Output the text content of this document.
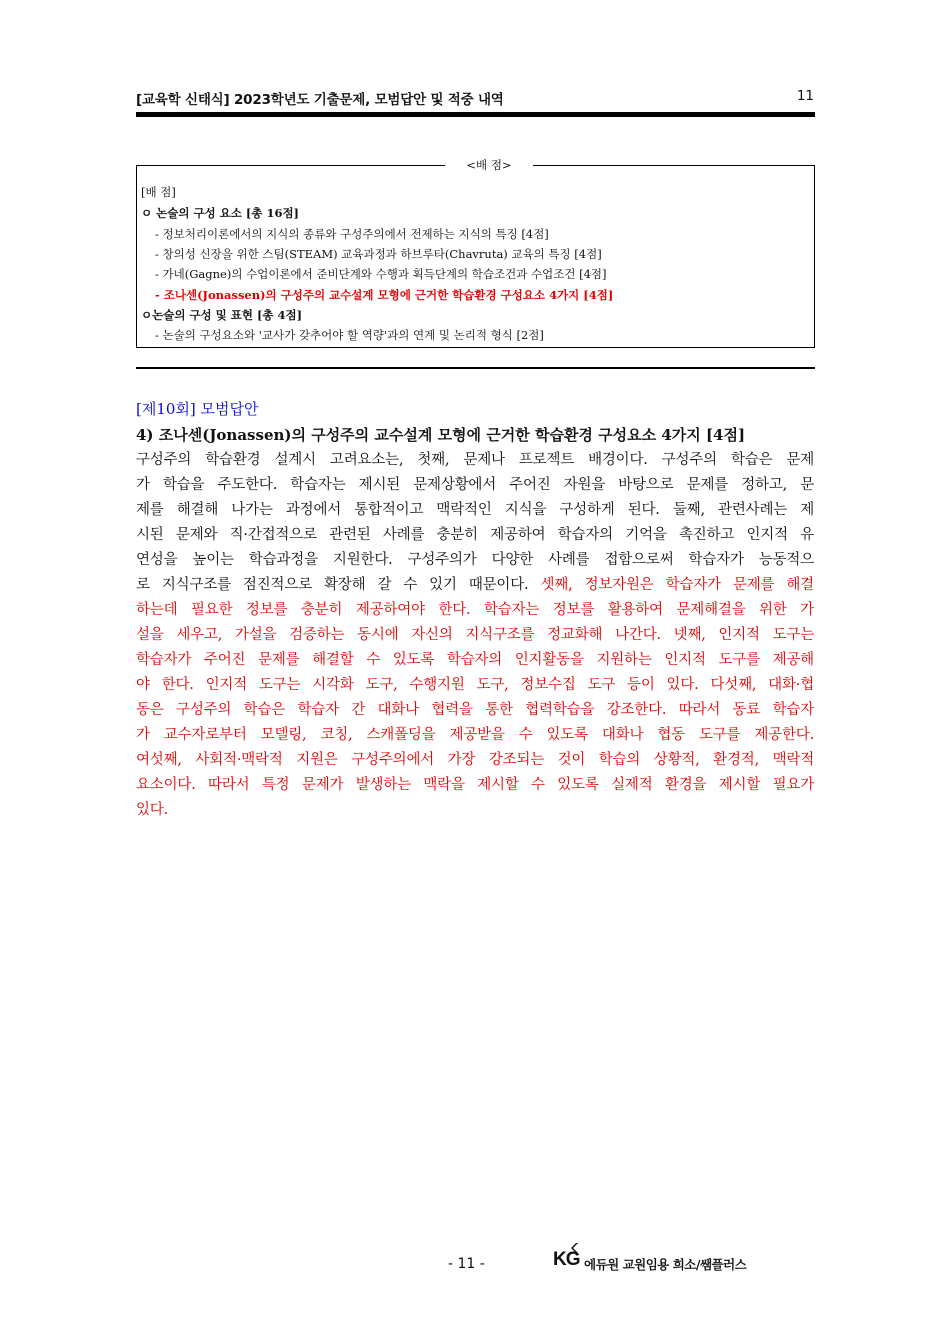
[교육학 신태식] 2023학년도 기출문제, 모범답안 및 적중 내역	11
<배 점>
[배 점]
ㅇ 논술의 구성 요소 [총 16점]
- 정보처리이론에서의 지식의 종류와 구성주의에서 전제하는 지식의 특징 [4점]
- 창의성 신장을 위한 스팀(STEAM) 교육과정과 하브루타(Chavruta) 교육의 특징 [4점]
- 가네(Gagne)의 수업이론에서 준비단계와 수행과 획득단계의 학습조건과 수업조건 [4점]
- 조나센(Jonassen)의 구성주의 교수설계 모형에 근거한 학습환경 구성요소 4가지 [4점]
ㅇ논술의 구성 및 표현 [총 4점]
- 논술의 구성요소와 '교사가 갖추어야 할 역량'과의 연계 및 논리적 형식 [2점]
[제10회] 모범답안
4) 조나센(Jonassen)의 구성주의 교수설계 모형에 근거한 학습환경 구성요소 4가지 [4점]
구성주의 학습환경 설계시 고려요소는, 첫째, 문제나 프로젝트 배경이다. 구성주의 학습은 문제
가 학습을 주도한다. 학습자는 제시된 문제상황에서 주어진 자원을 바탕으로 문제를 정하고, 문
제를 해결해 나가는 과정에서 통합적이고 맥락적인 지식을 구성하게 된다. 둘째, 관련사례는 제
시된 문제와 직·간접적으로 관련된 사례를 충분히 제공하여 학습자의 기억을 촉진하고 인지적 유
연성을 높이는 학습과정을 지원한다. 구성주의가 다양한 사례를 접함으로써 학습자가 능동적으
로 지식구조를 점진적으로 확장해 갈 수 있기 때문이다. 셋째, 정보자원은 학습자가 문제를 해결
하는데 필요한 정보를 충분히 제공하여야 한다. 학습자는 정보를 활용하여 문제해결을 위한 가
설을 세우고, 가설을 검증하는 동시에 자신의 지식구조를 정교화해 나간다. 넷째, 인지적 도구는
학습자가 주어진 문제를 해결할 수 있도록 학습자의 인지활동을 지원하는 인지적 도구를 제공해
야 한다. 인지적 도구는 시각화 도구, 수행지원 도구, 정보수집 도구 등이 있다. 다섯째, 대화·협
동은 구성주의 학습은 학습자 간 대화나 협력을 통한 협력학습을 강조한다. 따라서 동료 학습자
가 교수자로부터 모델링, 코칭, 스캐폴딩을 제공받을 수 있도록 대화나 협동 도구를 제공한다.
여섯째, 사회적·맥락적 지원은 구성주의에서 가장 강조되는 것이 학습의 상황적, 환경적, 맥락적
요소이다. 따라서 특정 문제가 발생하는 맥락을 제시할 수 있도록 실제적 환경을 제시할 필요가
있다.
- 11 -	KG 에듀원 교원임용 희소/쌤플러스
